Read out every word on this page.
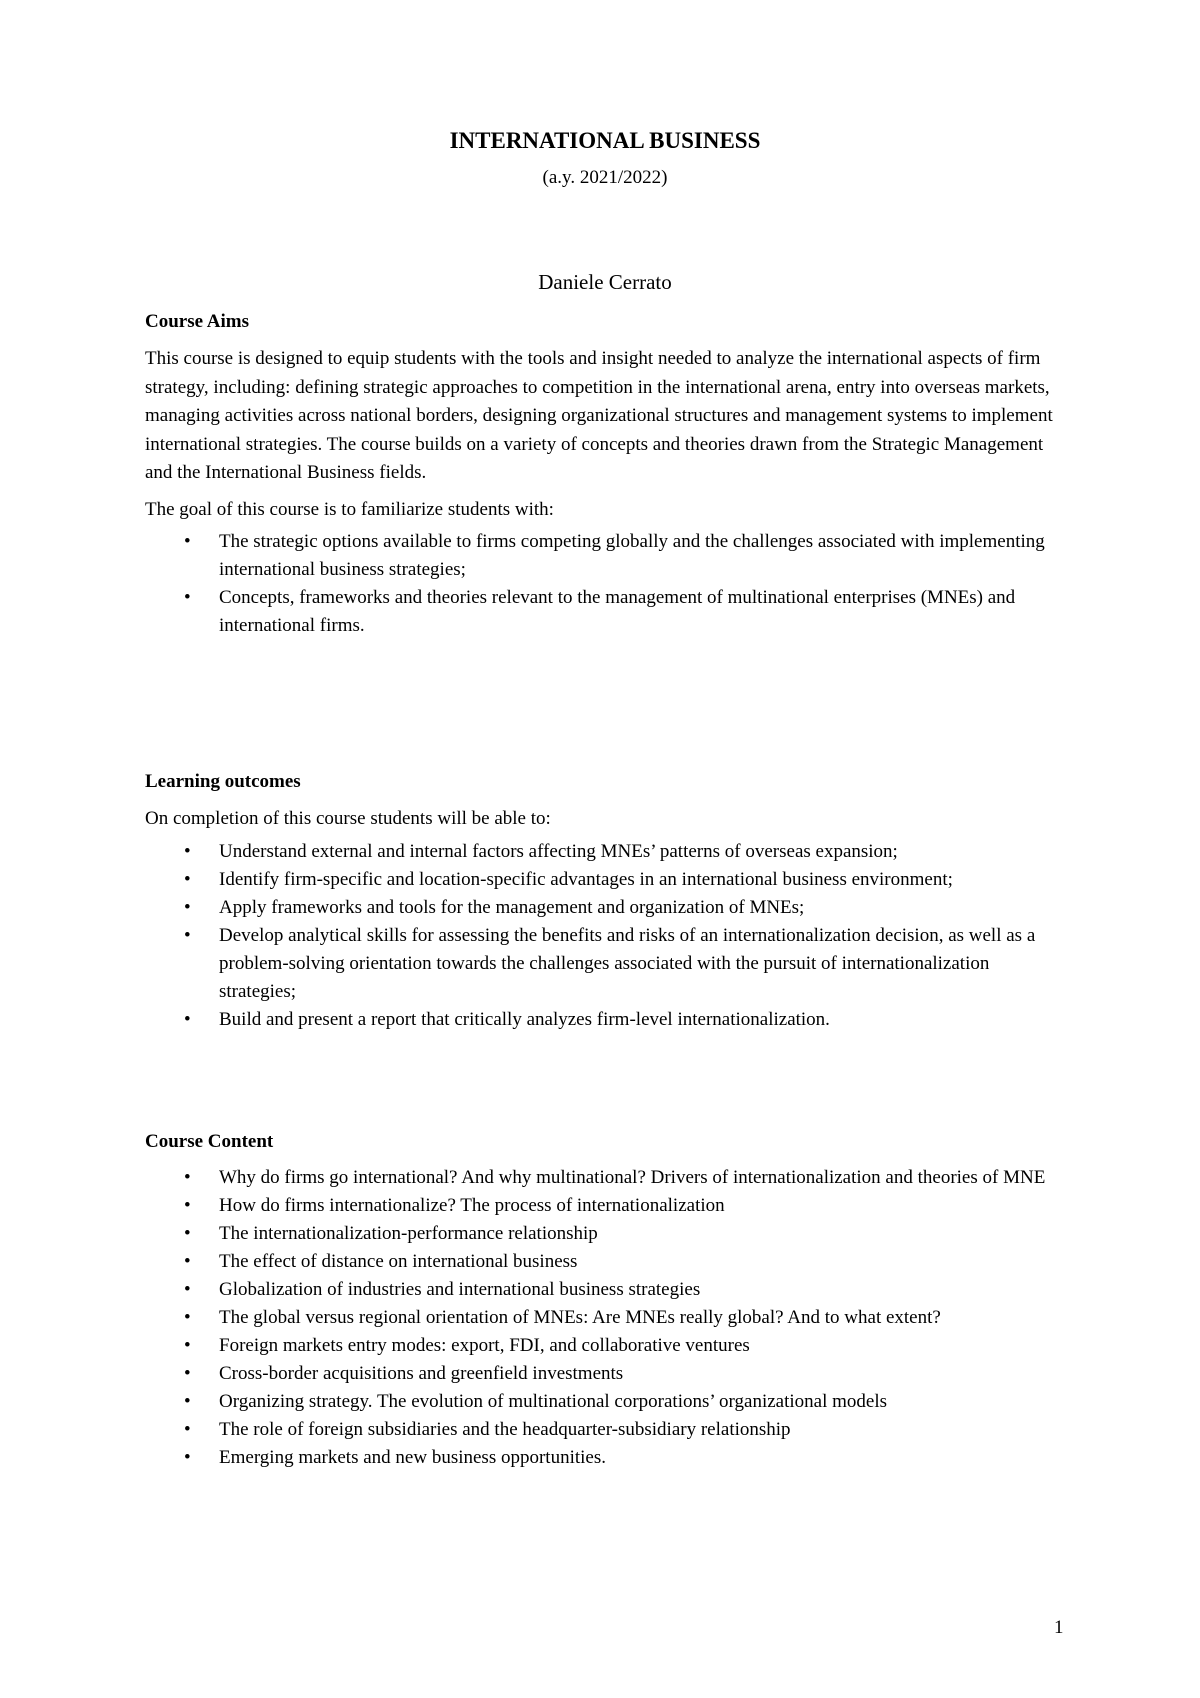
INTERNATIONAL BUSINESS

(a.y. 2021/2022)

Daniele Cerrato

Course Aims

This course is designed to equip students with the tools and insight needed to analyze the international aspects of firm strategy, including: defining strategic approaches to competition in the international arena, entry into overseas markets, managing activities across national borders, designing organizational structures and management systems to implement international strategies. The course builds on a variety of concepts and theories drawn from the Strategic Management and the International Business fields.

The goal of this course is to familiarize students with:

• The strategic options available to firms competing globally and the challenges associated with implementing international business strategies;
• Concepts, frameworks and theories relevant to the management of multinational enterprises (MNEs) and international firms.
Learning outcomes

On completion of this course students will be able to:

• Understand external and internal factors affecting MNEs’ patterns of overseas expansion;
• Identify firm-specific and location-specific advantages in an international business environment;
• Apply frameworks and tools for the management and organization of MNEs;
• Develop analytical skills for assessing the benefits and risks of an internationalization decision, as well as a problem-solving orientation towards the challenges associated with the pursuit of internationalization strategies;
• Build and present a report that critically analyzes firm-level internationalization.
Course Content
• Why do firms go international? And why multinational? Drivers of internationalization and theories of MNE
• How do firms internationalize? The process of internationalization
• The internationalization-performance relationship
• The effect of distance on international business
• Globalization of industries and international business strategies
• The global versus regional orientation of MNEs: Are MNEs really global? And to what extent?
• Foreign markets entry modes: export, FDI, and collaborative ventures
• Cross-border acquisitions and greenfield investments
• Organizing strategy. The evolution of multinational corporations’ organizational models
• The role of foreign subsidiaries and the headquarter-subsidiary relationship
• Emerging markets and new business opportunities.
1
